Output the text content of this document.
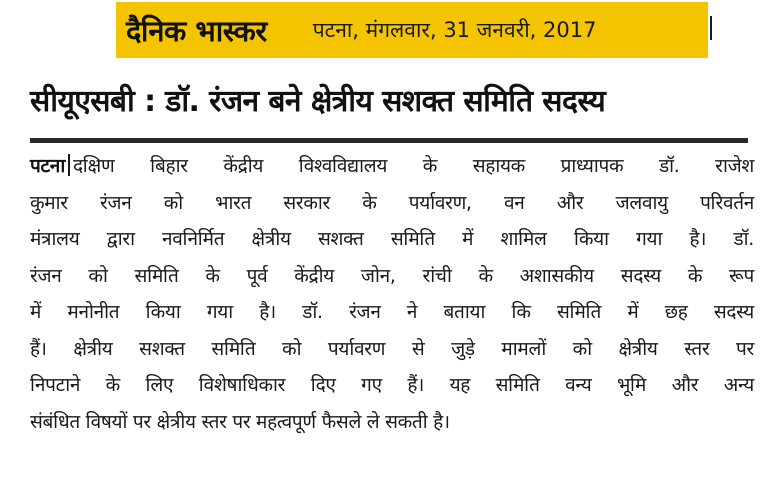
दैनिक भास्कर पटना, मंगलवार, 31 जनवरी, 2017
सीयूएसबी : डॉ. रंजन बने क्षेत्रीय सशक्त समिति सदस्य
पटना दक्षिण बिहार केंद्रीय विश्वविद्यालय के सहायक प्राध्यापक डॉ. राजेश
कुमार रंजन को भारत सरकार के पर्यावरण, वन और जलवायु परिवर्तन
मंत्रालय द्वारा नवनिर्मित क्षेत्रीय सशक्त समिति में शामिल किया गया है। डॉ.
रंजन को समिति के पूर्व केंद्रीय जोन, रांची के अशासकीय सदस्य के रूप
में मनोनीत किया गया है। डॉ. रंजन ने बताया कि समिति में छह सदस्य
हैं। क्षेत्रीय सशक्त समिति को पर्यावरण से जुड़े मामलों को क्षेत्रीय स्तर पर
निपटाने के लिए विशेषाधिकार दिए गए हैं। यह समिति वन्य भूमि और अन्य
संबंधित विषयों पर क्षेत्रीय स्तर पर महत्वपूर्ण फैसले ले सकती है।
